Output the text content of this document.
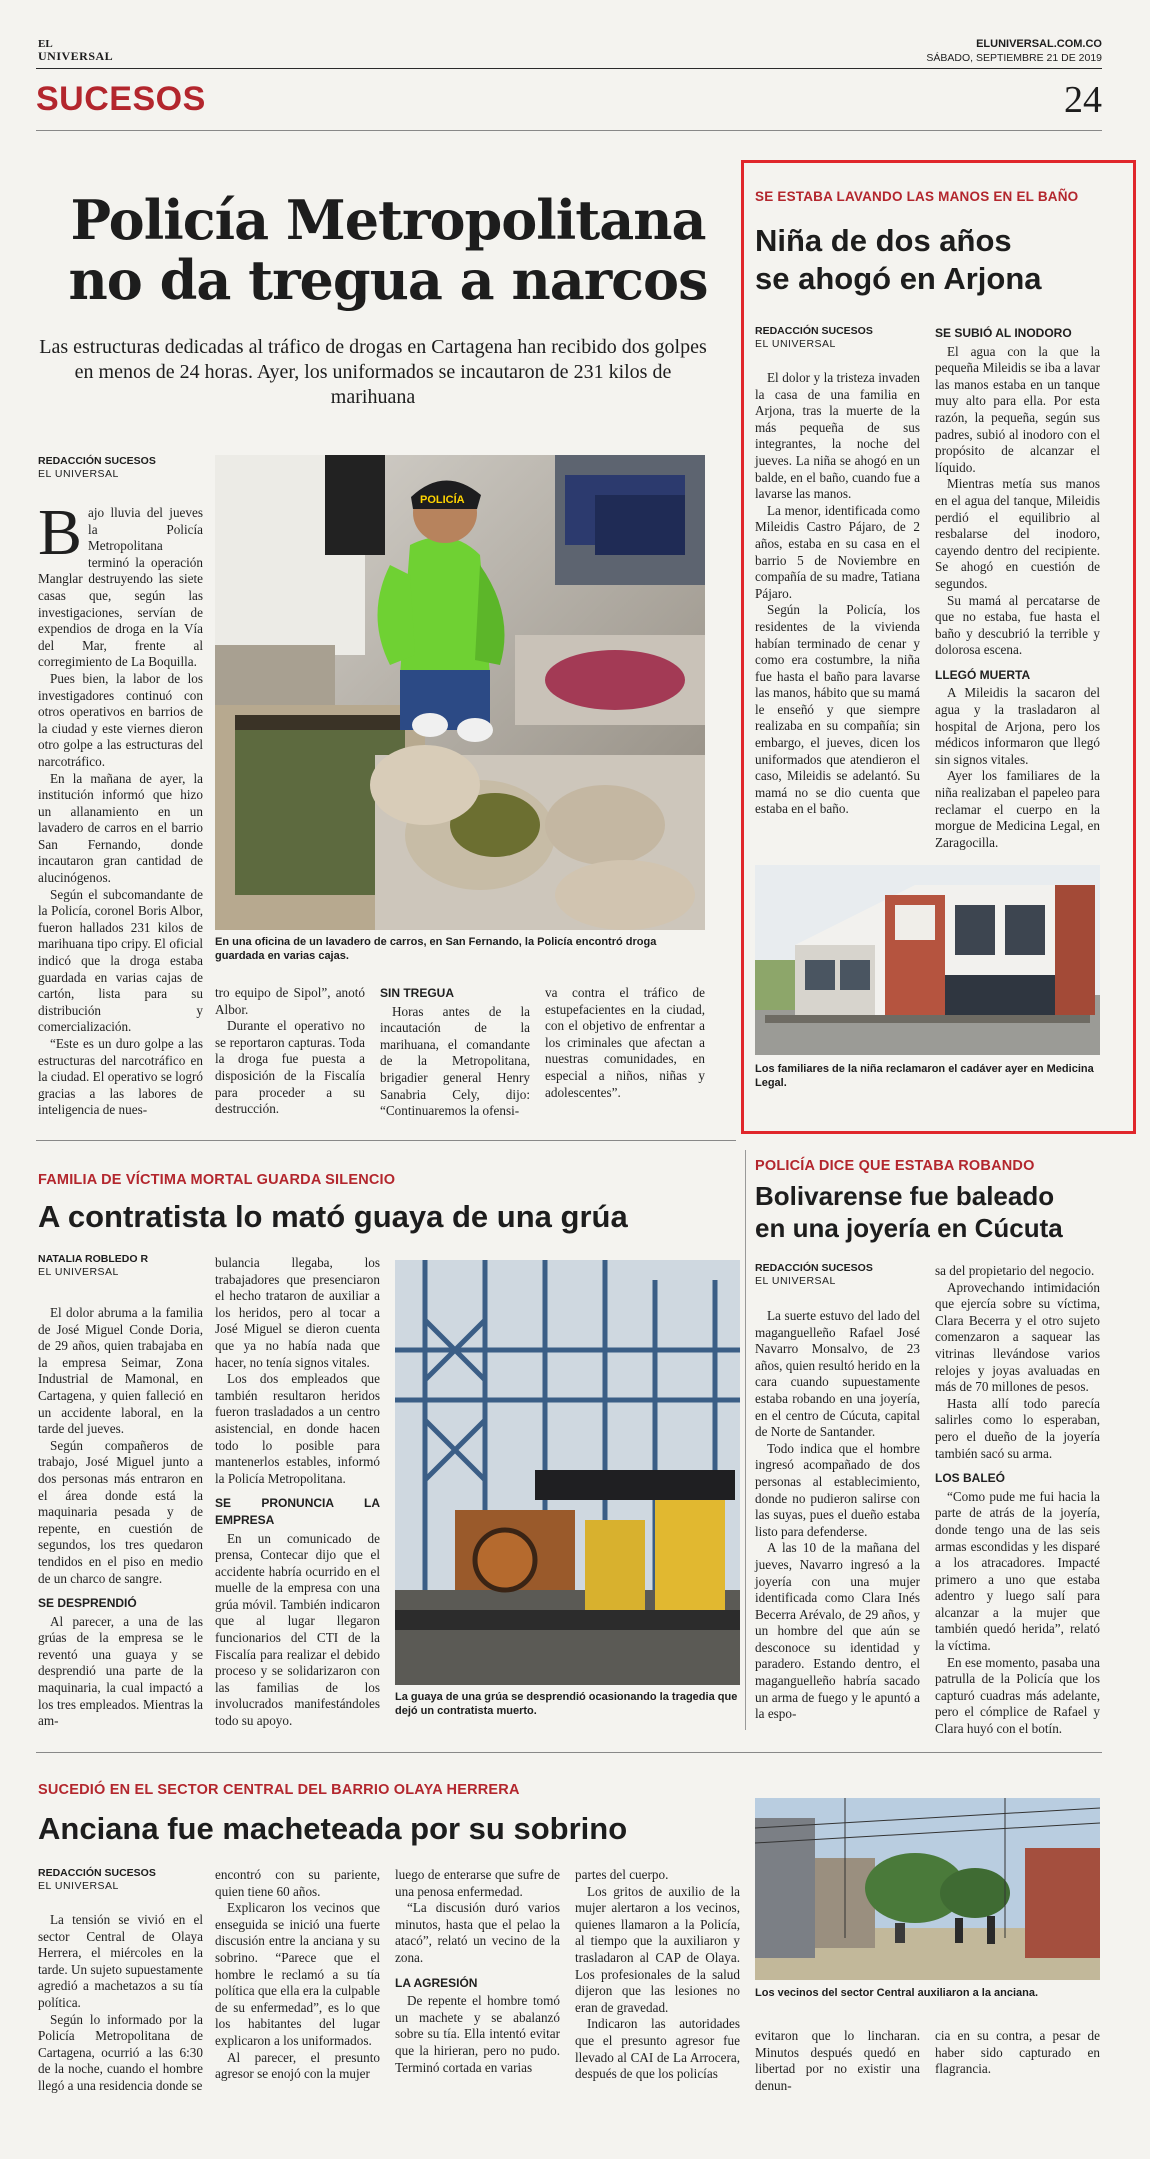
EL
UNIVERSAL
ELUNIVERSAL.COM.CO
SÁBADO, SEPTIEMBRE 21 DE 2019
SUCESOS	24
Policía Metropolitana
no da tregua a narcos
Las estructuras dedicadas al tráfico de drogas en Cartagena han recibido dos golpes en menos de 24 horas. Ayer, los uniformados se incautaron de 231 kilos de marihuana
REDACCIÓN SUCESOS
EL UNIVERSAL

Bajo lluvia del jueves la Policía Metropolitana terminó la operación Manglar destruyendo las siete casas que, según las investigaciones, servían de expendios de droga en la Vía del Mar, frente al corregimiento de La Boquilla.

Pues bien, la labor de los investigadores continuó con otros operativos en barrios de la ciudad y este viernes dieron otro golpe a las estructuras del narcotráfico.

En la mañana de ayer, la institución informó que hizo un allanamiento en un lavadero de carros en el barrio San Fernando, donde incautaron gran cantidad de alucinógenos.

Según el subcomandante de la Policía, coronel Boris Albor, fueron hallados 231 kilos de marihuana tipo cripy. El oficial indicó que la droga estaba guardada en varias cajas de cartón, lista para su distribución y comercialización.

“Este es un duro golpe a las estructuras del narcotráfico en la ciudad. El operativo se logró gracias a las labores de inteligencia de nues-

POLICÍA
En una oficina de un lavadero de carros, en San Fernando, la Policía encontró droga guardada en varias cajas.

tro equipo de Sipol”, anotó Albor.

Durante el operativo no se reportaron capturas. Toda la droga fue puesta a disposición de la Fiscalía para proceder a su destrucción.

SIN TREGUA

Horas antes de la incautación de la marihuana, el comandante de la Metropolitana, brigadier general Henry Sanabria Cely, dijo: “Continuaremos la ofensi-

va contra el tráfico de estupefacientes en la ciudad, con el objetivo de enfrentar a los criminales que afectan a nuestras comunidades, en especial a niños, niñas y adolescentes”.

SE ESTABA LAVANDO LAS MANOS EN EL BAÑO
Niña de dos años
se ahogó en Arjona
REDACCIÓN SUCESOS
EL UNIVERSAL

El dolor y la tristeza invaden la casa de una familia en Arjona, tras la muerte de la más pequeña de sus integrantes, la noche del jueves. La niña se ahogó en un balde, en el baño, cuando fue a lavarse las manos.

La menor, identificada como Mileidis Castro Pájaro, de 2 años, estaba en su casa en el barrio 5 de Noviembre en compañía de su madre, Tatiana Pájaro.

Según la Policía, los residentes de la vivienda habían terminado de cenar y como era costumbre, la niña fue hasta el baño para lavarse las manos, hábito que su mamá le enseñó y que siempre realizaba en su compañía; sin embargo, el jueves, dicen los uniformados que atendieron el caso, Mileidis se adelantó. Su mamá no se dio cuenta que estaba en el baño.

SE SUBIÓ AL INODORO

El agua con la que la pequeña Mileidis se iba a lavar las manos estaba en un tanque muy alto para ella. Por esta razón, la pequeña, según sus padres, subió al inodoro con el propósito de alcanzar el líquido.

Mientras metía sus manos en el agua del tanque, Mileidis perdió el equilibrio al resbalarse del inodoro, cayendo dentro del recipiente. Se ahogó en cuestión de segundos.

Su mamá al percatarse de que no estaba, fue hasta el baño y descubrió la terrible y dolorosa escena.

LLEGÓ MUERTA

A Mileidis la sacaron del agua y la trasladaron al hospital de Arjona, pero los médicos informaron que llegó sin signos vitales.

Ayer los familiares de la niña realizaban el papeleo para reclamar el cuerpo en la morgue de Medicina Legal, en Zaragocilla.

Los familiares de la niña reclamaron el cadáver ayer en Medicina Legal.
FAMILIA DE VÍCTIMA MORTAL GUARDA SILENCIO
A contratista lo mató guaya de una grúa
NATALIA ROBLEDO R
EL UNIVERSAL

El dolor abruma a la familia de José Miguel Conde Doria, de 29 años, quien trabajaba en la empresa Seimar, Zona Industrial de Mamonal, en Cartagena, y quien falleció en un accidente laboral, en la tarde del jueves.

Según compañeros de trabajo, José Miguel junto a dos personas más entraron en el área donde está la maquinaria pesada y de repente, en cuestión de segundos, los tres quedaron tendidos en el piso en medio de un charco de sangre.

SE DESPRENDIÓ

Al parecer, a una de las grúas de la empresa se le reventó una guaya y se desprendió una parte de la maquinaria, la cual impactó a los tres empleados. Mientras la am-

bulancia llegaba, los trabajadores que presenciaron el hecho trataron de auxiliar a los heridos, pero al tocar a José Miguel se dieron cuenta que ya no había nada que hacer, no tenía signos vitales.

Los dos empleados que también resultaron heridos fueron trasladados a un centro asistencial, en donde hacen todo lo posible para mantenerlos estables, informó la Policía Metropolitana.

SE PRONUNCIA LA EMPRESA

En un comunicado de prensa, Contecar dijo que el accidente habría ocurrido en el muelle de la empresa con una grúa móvil. También indicaron que al lugar llegaron funcionarios del CTI de la Fiscalía para realizar el debido proceso y se solidarizaron con las familias de los involucrados manifestándoles todo su apoyo.

La guaya de una grúa se desprendió ocasionando la tragedia que dejó un contratista muerto.
POLICÍA DICE QUE ESTABA ROBANDO
Bolivarense fue baleado
en una joyería en Cúcuta
REDACCIÓN SUCESOS
EL UNIVERSAL

La suerte estuvo del lado del maganguelleño Rafael José Navarro Monsalvo, de 23 años, quien resultó herido en la cara cuando supuestamente estaba robando en una joyería, en el centro de Cúcuta, capital de Norte de Santander.

Todo indica que el hombre ingresó acompañado de dos personas al establecimiento, donde no pudieron salirse con las suyas, pues el dueño estaba listo para defenderse.

A las 10 de la mañana del jueves, Navarro ingresó a la joyería con una mujer identificada como Clara Inés Becerra Arévalo, de 29 años, y un hombre del que aún se desconoce su identidad y paradero. Estando dentro, el maganguelleño habría sacado un arma de fuego y le apuntó a la espo-

sa del propietario del negocio.

Aprovechando intimidación que ejercía sobre su víctima, Clara Becerra y el otro sujeto comenzaron a saquear las vitrinas llevándose varios relojes y joyas avaluadas en más de 70 millones de pesos.

Hasta allí todo parecía salirles como lo esperaban, pero el dueño de la joyería también sacó su arma.

LOS BALEÓ

“Como pude me fui hacia la parte de atrás de la joyería, donde tengo una de las seis armas escondidas y les disparé a los atracadores. Impacté primero a uno que estaba adentro y luego salí para alcanzar a la mujer que también quedó herida”, relató la víctima.

En ese momento, pasaba una patrulla de la Policía que los capturó cuadras más adelante, pero el cómplice de Rafael y Clara huyó con el botín.

SUCEDIÓ EN EL SECTOR CENTRAL DEL BARRIO OLAYA HERRERA
Anciana fue macheteada por su sobrino
REDACCIÓN SUCESOS
EL UNIVERSAL

La tensión se vivió en el sector Central de Olaya Herrera, el miércoles en la tarde. Un sujeto supuestamente agredió a machetazos a su tía política.

Según lo informado por la Policía Metropolitana de Cartagena, ocurrió a las 6:30 de la noche, cuando el hombre llegó a una residencia donde se

encontró con su pariente, quien tiene 60 años.

Explicaron los vecinos que enseguida se inició una fuerte discusión entre la anciana y su sobrino. “Parece que el hombre le reclamó a su tía política que ella era la culpable de su enfermedad”, es lo que los habitantes del lugar explicaron a los uniformados.

Al parecer, el presunto agresor se enojó con la mujer

luego de enterarse que sufre de una penosa enfermedad.

“La discusión duró varios minutos, hasta que el pelao la atacó”, relató un vecino de la zona.

LA AGRESIÓN

De repente el hombre tomó un machete y se abalanzó sobre su tía. Ella intentó evitar que la hirieran, pero no pudo. Terminó cortada en varias

partes del cuerpo.

Los gritos de auxilio de la mujer alertaron a los vecinos, quienes llamaron a la Policía, al tiempo que la auxiliaron y trasladaron al CAP de Olaya. Los profesionales de la salud dijeron que las lesiones no eran de gravedad.

Indicaron las autoridades que el presunto agresor fue llevado al CAI de La Arrocera, después de que los policías

Los vecinos del sector Central auxiliaron a la anciana.

evitaron que lo lincharan. Minutos después quedó en libertad por no existir una denun-

cia en su contra, a pesar de haber sido capturado en flagrancia.
